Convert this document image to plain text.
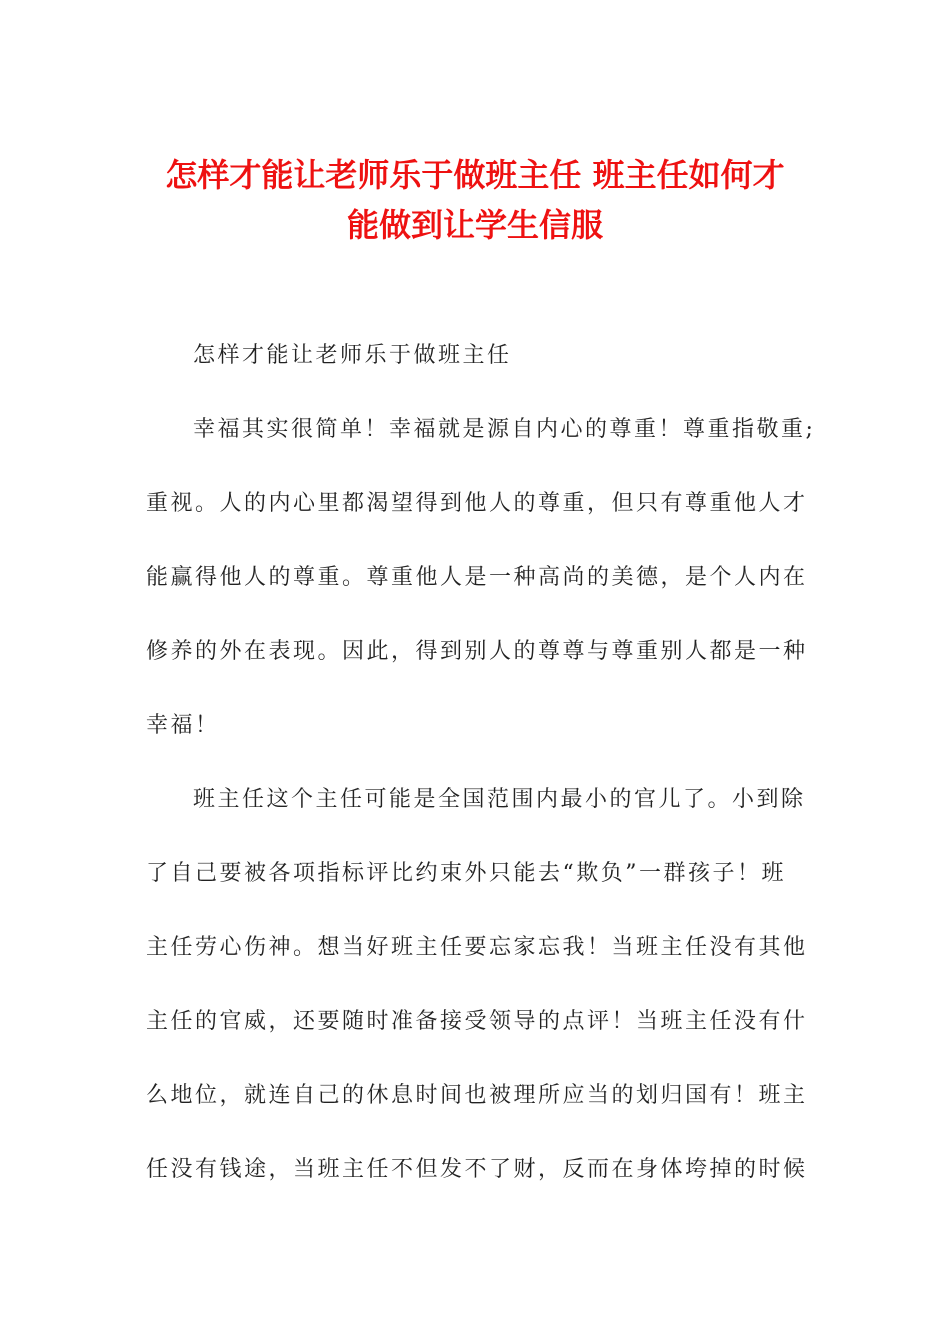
怎样才能让老师乐于做班主任 班主任如何才
能做到让学生信服

怎样才能让老师乐于做班主任

幸福其实很简单！幸福就是源自内心的尊重！尊重指敬重;

重视。人的内心里都渴望得到他人的尊重，但只有尊重他人才

能赢得他人的尊重。尊重他人是一种高尚的美德，是个人内在

修养的外在表现。因此，得到别人的尊尊与尊重别人都是一种

幸福！

班主任这个主任可能是全国范围内最小的官儿了。小到除

了自己要被各项指标评比约束外只能去“欺负”一群孩子！班

主任劳心伤神。想当好班主任要忘家忘我！当班主任没有其他

主任的官威，还要随时准备接受领导的点评！当班主任没有什

么地位，就连自己的休息时间也被理所应当的划归国有！班主

任没有钱途，当班主任不但发不了财，反而在身体垮掉的时候
